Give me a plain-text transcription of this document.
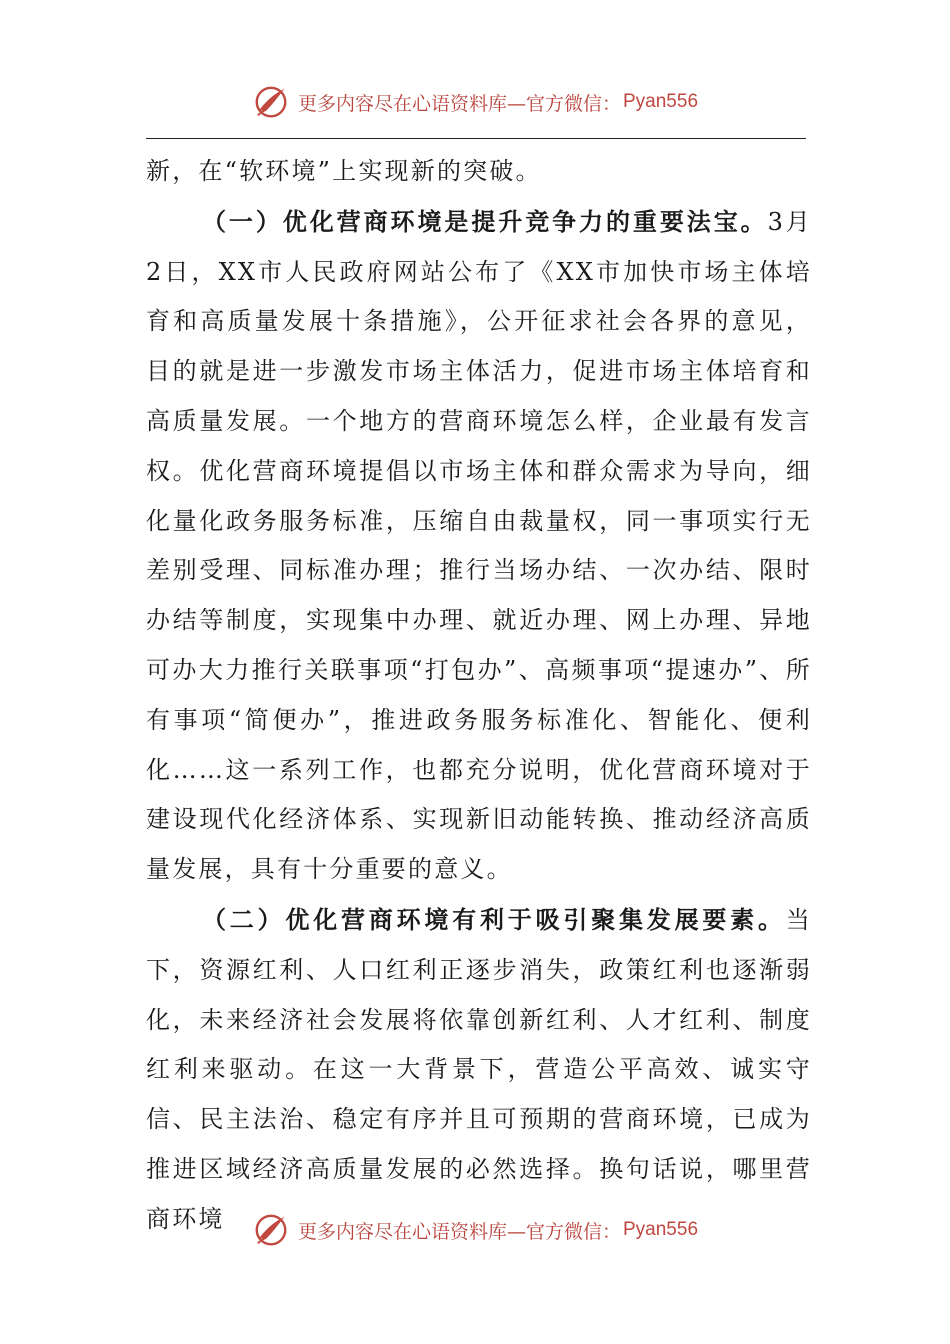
更多内容尽在心语资料库—官方微信： Pyan556

新，在“软环境”上实现新的突破。

（一）优化营商环境是提升竞争力的重要法宝。3月2日，XX市人民政府网站公布了《XX市加快市场主体培育和高质量发展十条措施》，公开征求社会各界的意见，目的就是进一步激发市场主体活力，促进市场主体培育和高质量发展。一个地方的营商环境怎么样，企业最有发言权。优化营商环境提倡以市场主体和群众需求为导向，细化量化政务服务标准，压缩自由裁量权，同一事项实行无差别受理、同标准办理；推行当场办结、一次办结、限时办结等制度，实现集中办理、就近办理、网上办理、异地可办大力推行关联事项“打包办”、高频事项“提速办”、所有事项“简便办”，推进政务服务标准化、智能化、便利化……这一系列工作，也都充分说明，优化营商环境对于建设现代化经济体系、实现新旧动能转换、推动经济高质量发展，具有十分重要的意义。

（二）优化营商环境有利于吸引聚集发展要素。当下，资源红利、人口红利正逐步消失，政策红利也逐渐弱化，未来经济社会发展将依靠创新红利、人才红利、制度红利来驱动。在这一大背景下，营造公平高效、诚实守信、民主法治、稳定有序并且可预期的营商环境，已成为推进区域经济高质量发展的必然选择。换句话说，哪里营商环境	更多内容尽在心语资料库—官方微信： Pyan556
